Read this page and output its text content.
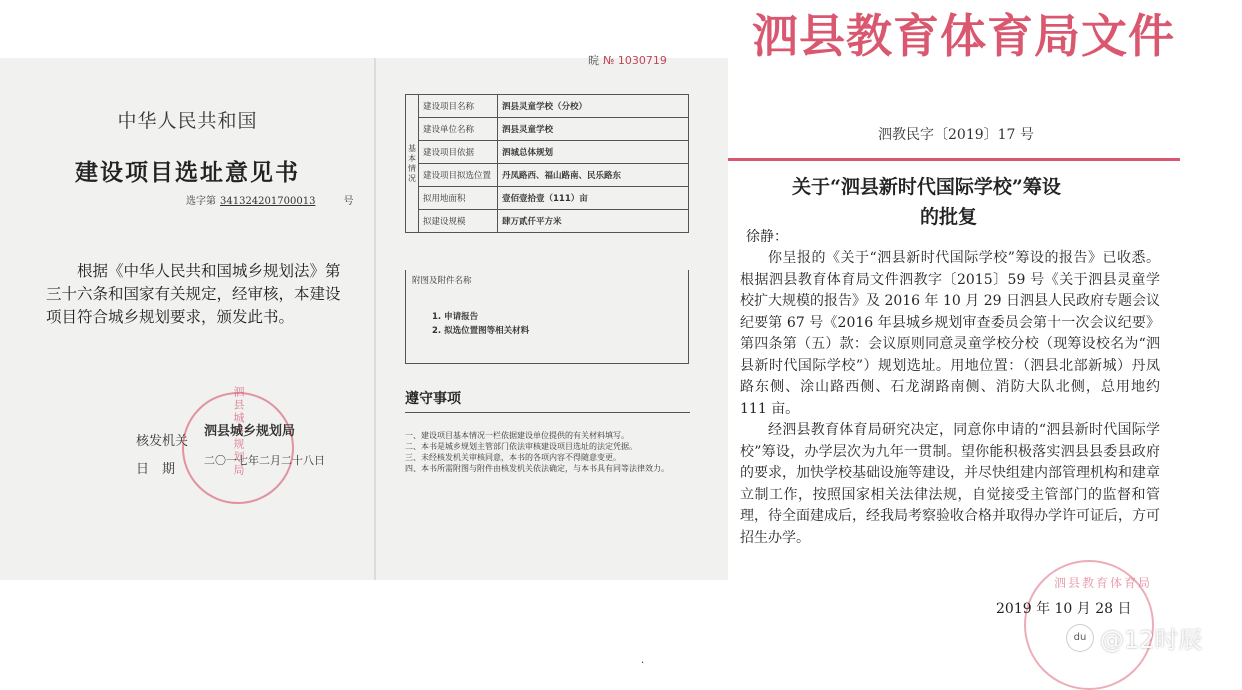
中华人民共和国
建设项目选址意见书
选字第 341324201700013	号
根据《中华人民共和国城乡规划法》第三十六条和国家有关规定，经审核，本建设项目符合城乡规划要求，颁发此书。
泗县城乡规划局
核发机关
泗县城乡规划局
日　期
二〇一七年二月二十八日
基本情况	建设项目名称	泗县灵童学校（分校）
	建设单位名称	泗县灵童学校
	建设项目依据	泗城总体规划
	建设项目拟选位置	丹凤路西、福山路南、民乐路东
	拟用地面积	壹佰壹拾壹（111）亩
	拟建设规模	肆万贰仟平方米
附图及附件名称
1. 申请报告
2. 拟选位置图等相关材料
遵守事项
一、建设项目基本情况一栏依据建设单位提供的有关材料填写。
二、本书是城乡规划主管部门依法审核建设项目选址的法定凭据。
三、未经核发机关审核同意，本书的各项内容不得随意变更。
四、本书所需附图与附件由核发机关依法确定，与本书具有同等法律效力。
晥 № 1030719 泗县教育体育局文件
泗教民字〔2019〕17 号
关于“泗县新时代国际学校”筹设
的批复
徐静：

你呈报的《关于“泗县新时代国际学校”筹设的报告》已收悉。根据泗县教育体育局文件泗教字〔2015〕59 号《关于泗县灵童学校扩大规模的报告》及 2016 年 10 月 29 日泗县人民政府专题会议纪要第 67 号《2016 年县城乡规划审查委员会第十一次会议纪要》第四条第（五）款：会议原则同意灵童学校分校（现筹设校名为“泗县新时代国际学校”）规划选址。用地位置：（泗县北部新城）丹凤路东侧、涂山路西侧、石龙湖路南侧、消防大队北侧，总用地约 111 亩。

经泗县教育体育局研究决定，同意你申请的“泗县新时代国际学校”筹设，办学层次为九年一贯制。望你能积极落实泗县县委县政府的要求，加快学校基础设施等建设，并尽快组建内部管理机构和建章立制工作，按照国家相关法律法规，自觉接受主管部门的监督和管理，待全面建成后，经我局考察验收合格并取得办学许可证后，方可招生办学。

泗县教育体育局
2019 年 10 月 28 日
du @12时辰
·
